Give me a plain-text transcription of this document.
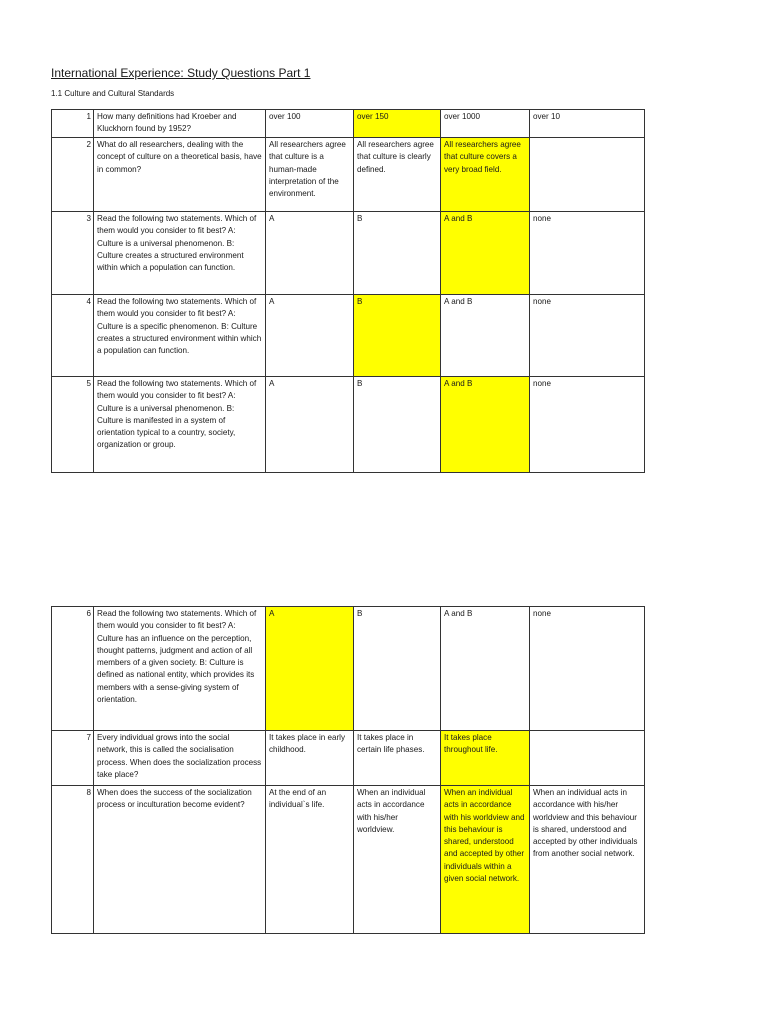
International Experience: Study Questions Part 1
1.1 Culture and Cultural Standards
1	How many definitions had Kroeber and Kluckhorn found by 1952?	over 100	over 150	over 1000	over 10
2	What do all researchers, dealing with the concept of culture on a theoretical basis, have in common?	All researchers agree that culture is a human-made interpretation of the environment.	All researchers agree that culture is clearly defined.	All researchers agree that culture covers a very broad field.	
3	Read the following two statements. Which of them would you consider to fit best? A: Culture is a universal phenomenon. B: Culture creates a structured environment within which a population can function.	A	B	A and B	none
4	Read the following two statements. Which of them would you consider to fit best? A: Culture is a specific phenomenon. B: Culture creates a structured environment within which a population can function.	A	B	A and B	none
5	Read the following two statements. Which of them would you consider to fit best? A: Culture is a universal phenomenon. B: Culture is manifested in a system of orientation typical to a country, society, organization or group.	A	B	A and B	none
6	Read the following two statements. Which of them would you consider to fit best? A: Culture has an influence on the perception, thought patterns, judgment and action of all members of a given society. B: Culture is defined as national entity, which provides its members with a sense-giving system of orientation.	A	B	A and B	none
7	Every individual grows into the social network, this is called the socialisation process. When does the socialization process take place?	It takes place in early childhood.	It takes place in certain life phases.	It takes place throughout life.	
8	When does the success of the socialization process or inculturation become evident?	At the end of an individual`s life.	When an individual acts in accordance with his/her worldview.	When an individual acts in accordance with his worldview and this behaviour is shared, understood and accepted by other individuals within a given social network.	When an individual acts in accordance with his/her worldview and this behaviour is shared, understood and accepted by other individuals from another social network.
